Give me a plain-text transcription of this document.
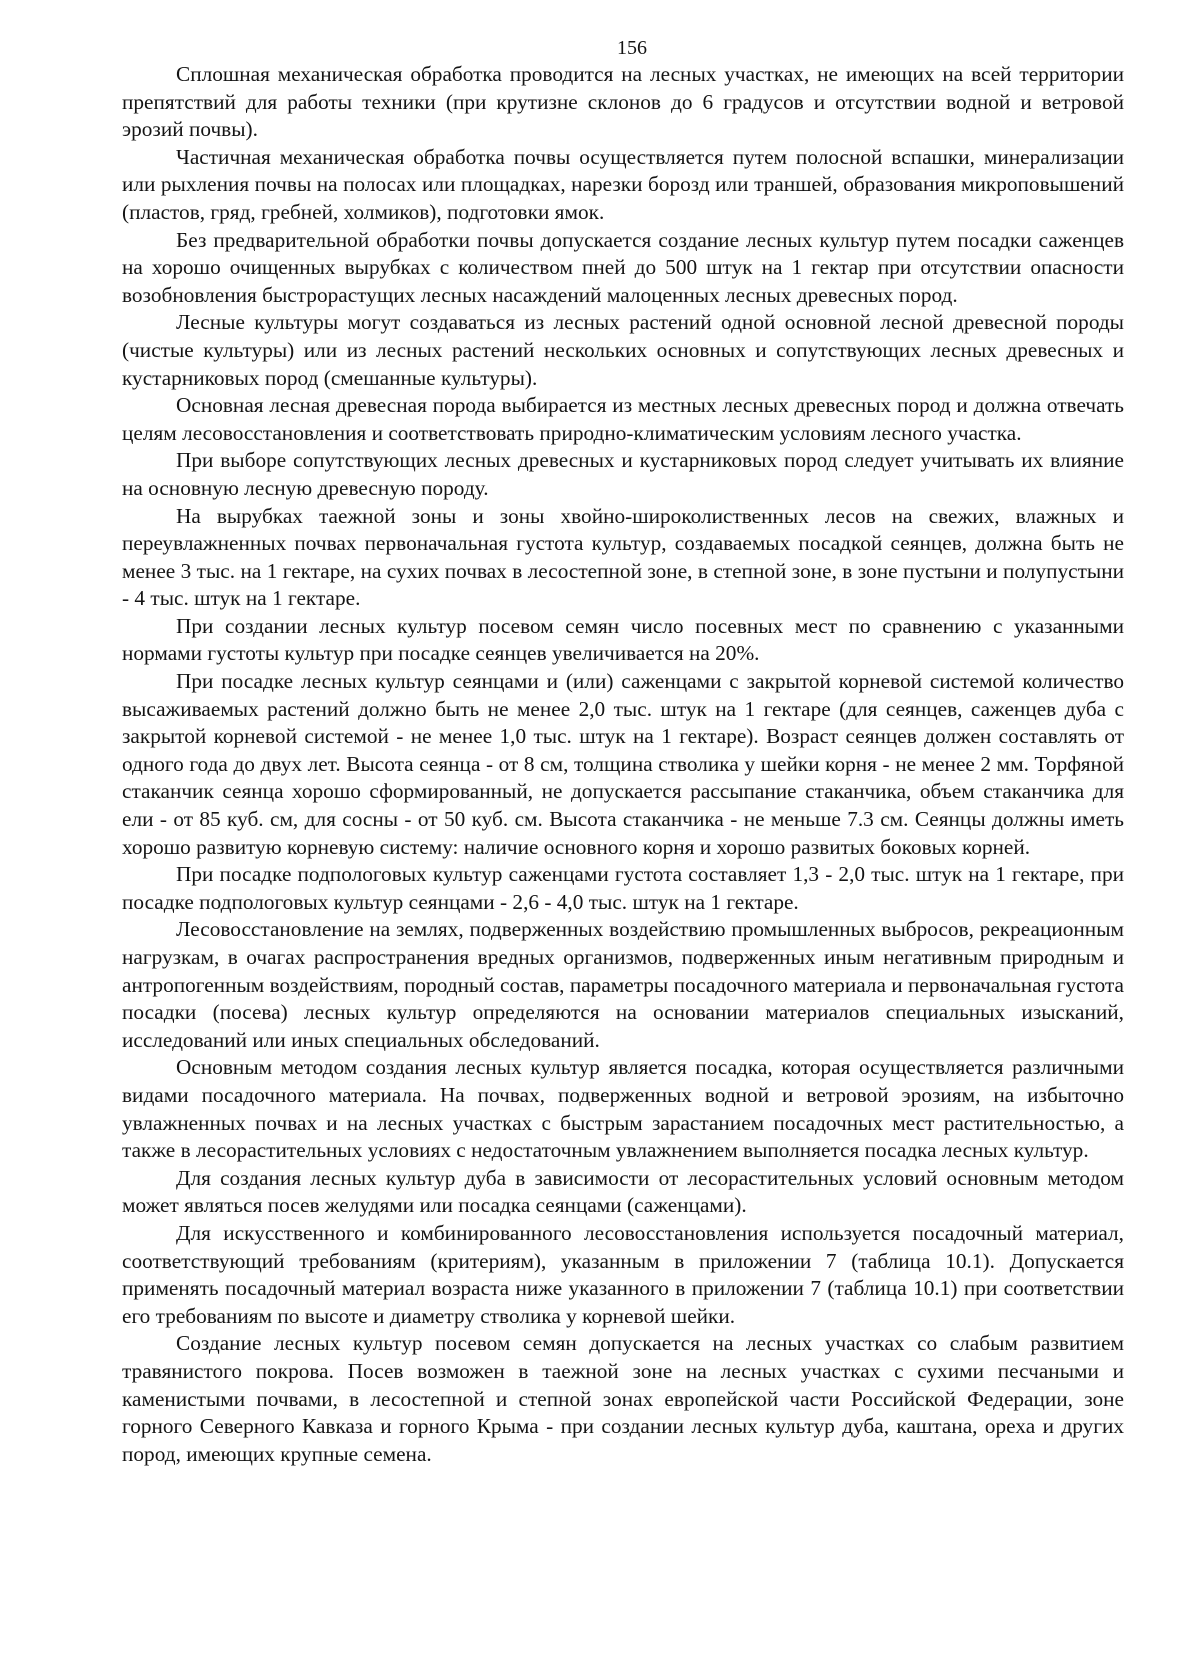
156

Сплошная механическая обработка проводится на лесных участках, не имеющих на всей территории препятствий для работы техники (при крутизне склонов до 6 градусов и отсутствии водной и ветровой эрозий почвы).

Частичная механическая обработка почвы осуществляется путем полосной вспашки, минерализации или рыхления почвы на полосах или площадках, нарезки борозд или траншей, образования микроповышений (пластов, гряд, гребней, холмиков), подготовки ямок.

Без предварительной обработки почвы допускается создание лесных культур путем посадки саженцев на хорошо очищенных вырубках с количеством пней до 500 штук на 1 гектар при отсутствии опасности возобновления быстрорастущих лесных насаждений малоценных лесных древесных пород.

Лесные культуры могут создаваться из лесных растений одной основной лесной древесной породы (чистые культуры) или из лесных растений нескольких основных и сопутствующих лесных древесных и кустарниковых пород (смешанные культуры).

Основная лесная древесная порода выбирается из местных лесных древесных пород и должна отвечать целям лесовосстановления и соответствовать природно-климатическим условиям лесного участка.

При выборе сопутствующих лесных древесных и кустарниковых пород следует учитывать их влияние на основную лесную древесную породу.

На вырубках таежной зоны и зоны хвойно-широколиственных лесов на свежих, влажных и переувлажненных почвах первоначальная густота культур, создаваемых посадкой сеянцев, должна быть не менее 3 тыс. на 1 гектаре, на сухих почвах в лесостепной зоне, в степной зоне, в зоне пустыни и полупустыни - 4 тыс. штук на 1 гектаре.

При создании лесных культур посевом семян число посевных мест по сравнению с указанными нормами густоты культур при посадке сеянцев увеличивается на 20%.

При посадке лесных культур сеянцами и (или) саженцами с закрытой корневой системой количество высаживаемых растений должно быть не менее 2,0 тыс. штук на 1 гектаре (для сеянцев, саженцев дуба с закрытой корневой системой - не менее 1,0 тыс. штук на 1 гектаре). Возраст сеянцев должен составлять от одного года до двух лет. Высота сеянца - от 8 см, толщина стволика у шейки корня - не менее 2 мм. Торфяной стаканчик сеянца хорошо сформированный, не допускается рассыпание стаканчика, объем стаканчика для ели - от 85 куб. см, для сосны - от 50 куб. см. Высота стаканчика - не меньше 7.3 см. Сеянцы должны иметь хорошо развитую корневую систему: наличие основного корня и хорошо развитых боковых корней.

При посадке подпологовых культур саженцами густота составляет 1,3 - 2,0 тыс. штук на 1 гектаре, при посадке подпологовых культур сеянцами - 2,6 - 4,0 тыс. штук на 1 гектаре.

Лесовосстановление на землях, подверженных воздействию промышленных выбросов, рекреационным нагрузкам, в очагах распространения вредных организмов, подверженных иным негативным природным и антропогенным воздействиям, породный состав, параметры посадочного материала и первоначальная густота посадки (посева) лесных культур определяются на основании материалов специальных изысканий, исследований или иных специальных обследований.

Основным методом создания лесных культур является посадка, которая осуществляется различными видами посадочного материала. На почвах, подверженных водной и ветровой эрозиям, на избыточно увлажненных почвах и на лесных участках с быстрым зарастанием посадочных мест растительностью, а также в лесорастительных условиях с недостаточным увлажнением выполняется посадка лесных культур.

Для создания лесных культур дуба в зависимости от лесорастительных условий основным методом может являться посев желудями или посадка сеянцами (саженцами).

Для искусственного и комбинированного лесовосстановления используется посадочный материал, соответствующий требованиям (критериям), указанным в приложении 7 (таблица 10.1). Допускается применять посадочный материал возраста ниже указанного в приложении 7 (таблица 10.1) при соответствии его требованиям по высоте и диаметру стволика у корневой шейки.

Создание лесных культур посевом семян допускается на лесных участках со слабым развитием травянистого покрова. Посев возможен в таежной зоне на лесных участках с сухими песчаными и каменистыми почвами, в лесостепной и степной зонах европейской части Российской Федерации, зоне горного Северного Кавказа и горного Крыма - при создании лесных культур дуба, каштана, ореха и других пород, имеющих крупные семена.
